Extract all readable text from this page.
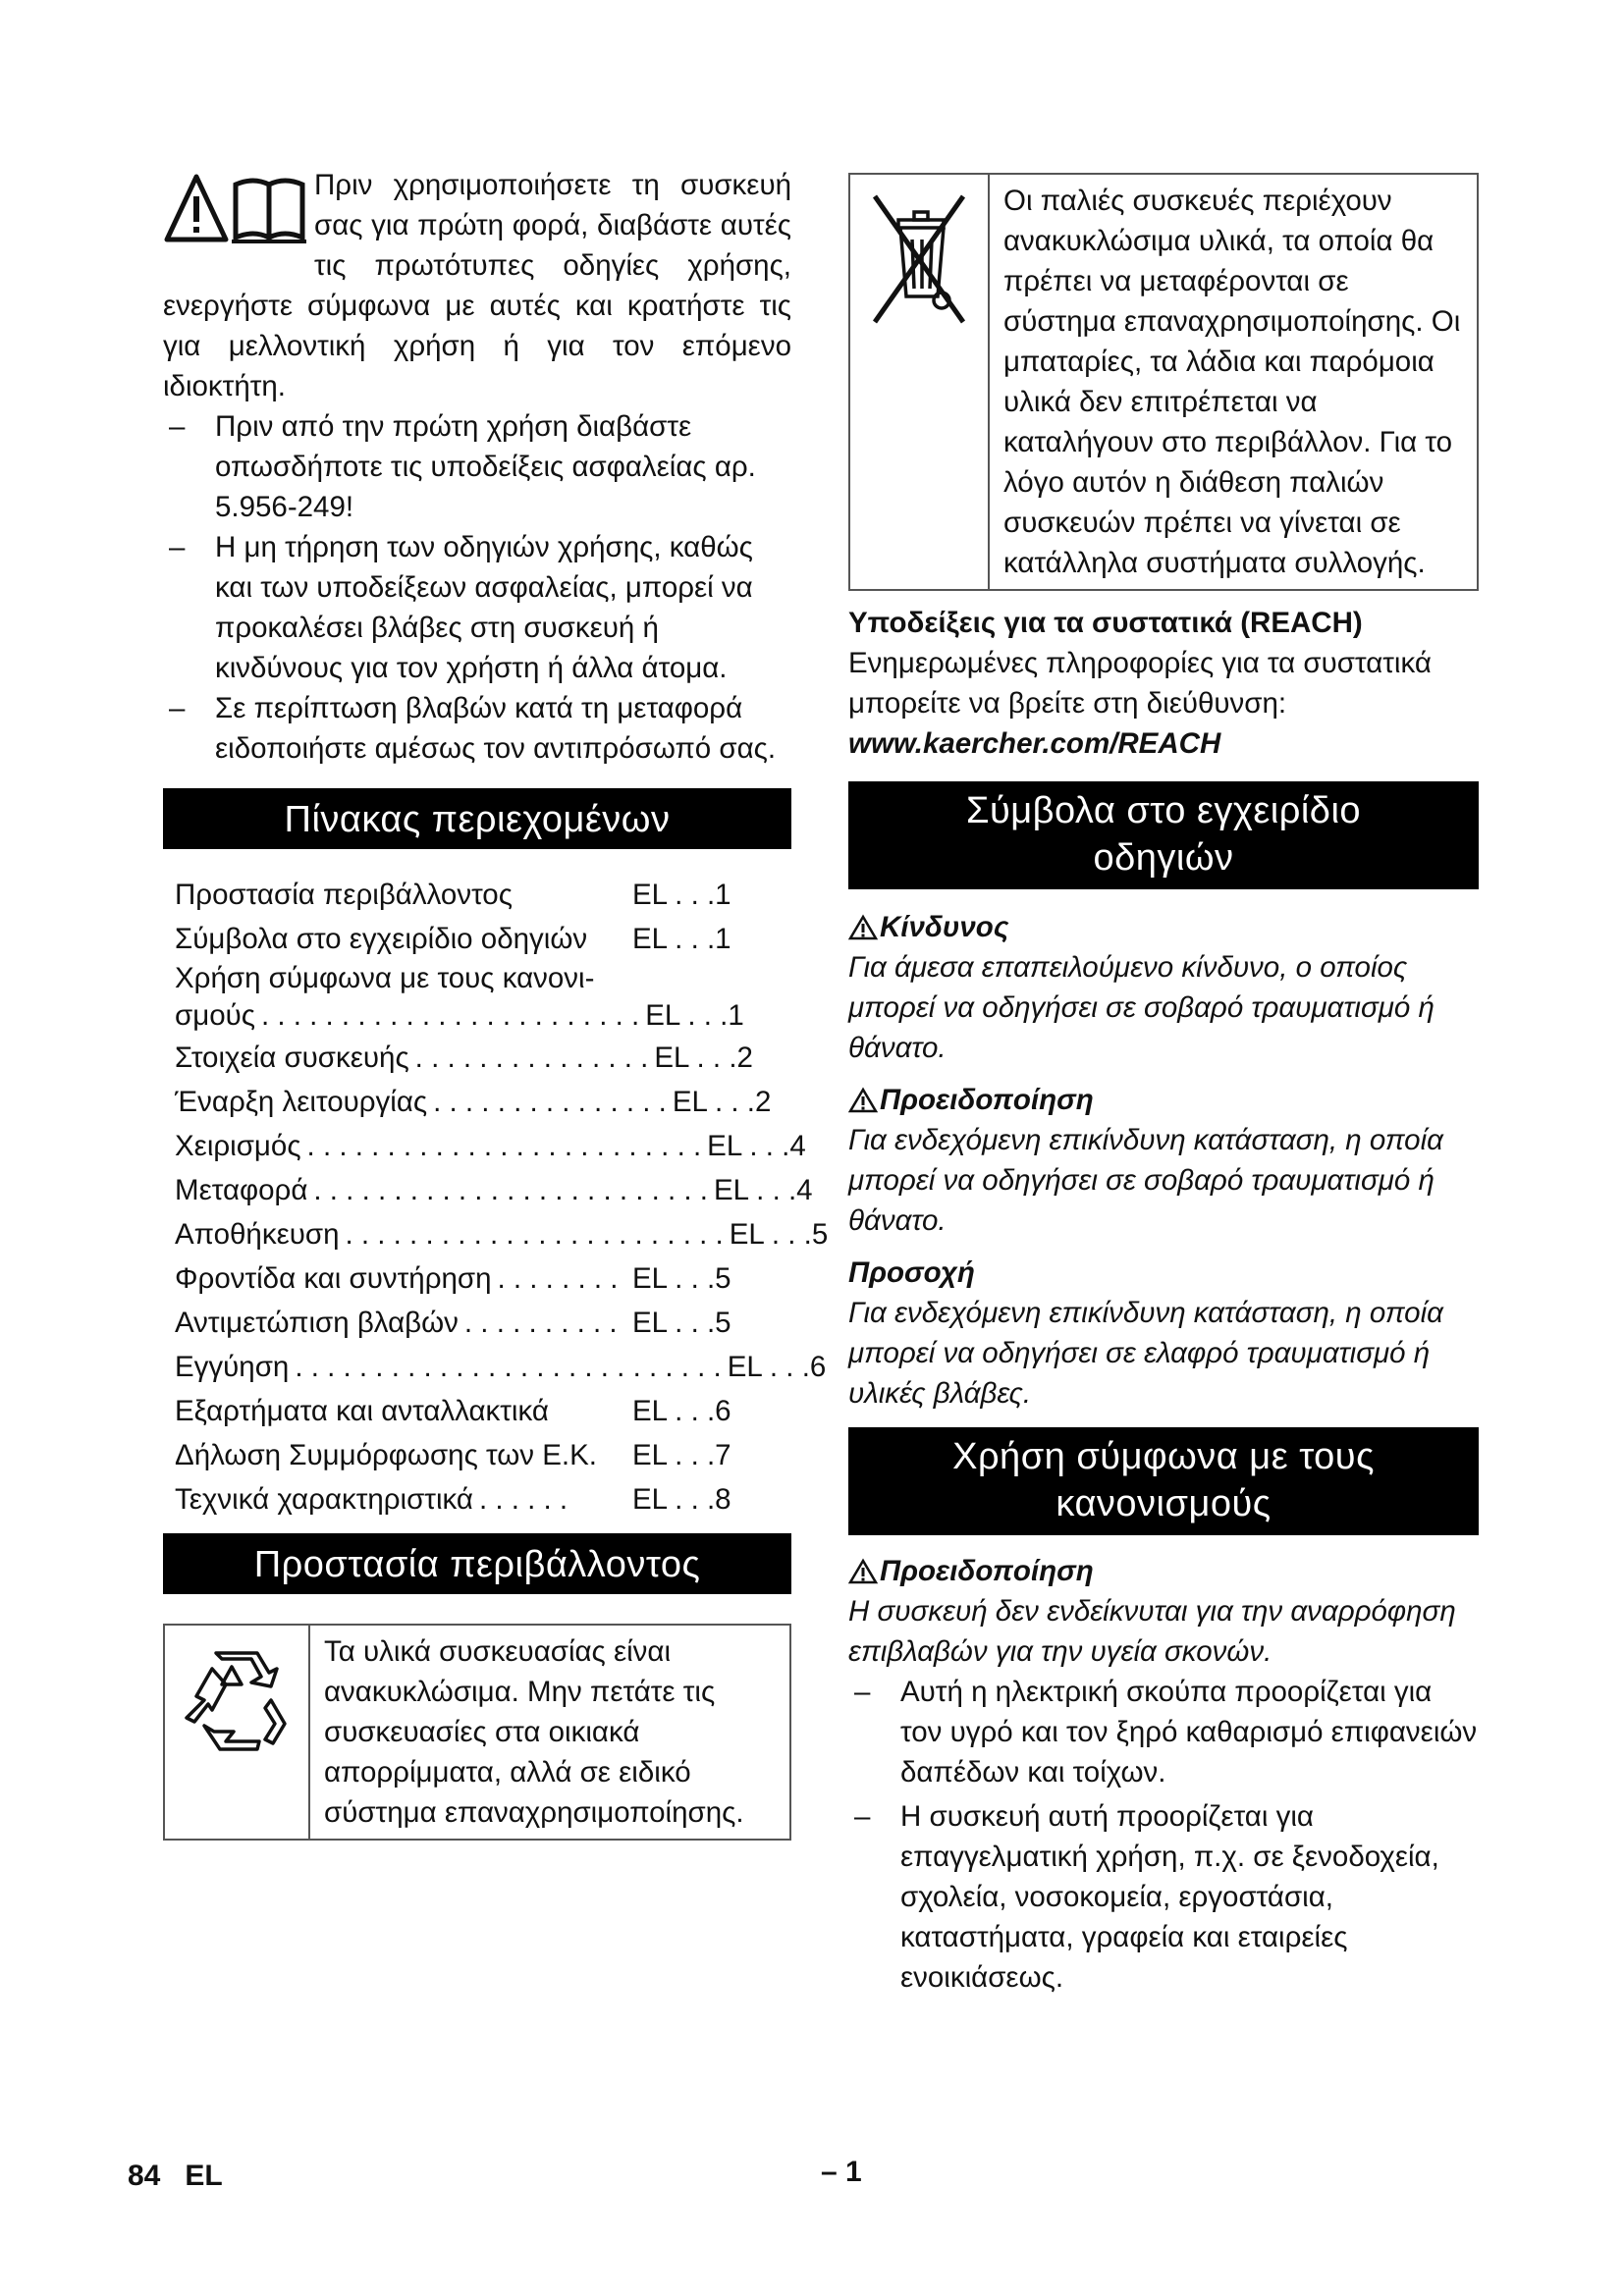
Πριν χρησιμοποιήσετε τη συσκευή σας για πρώτη φορά, διαβάστε αυτές τις πρωτότυπες οδηγίες χρήσης, ενεργήστε σύμφωνα με αυτές και κρατήστε τις για μελλοντική χρήση ή για τον επόμενο ιδιοκτήτη.

– Πριν από την πρώτη χρήση διαβάστε οπωσδήποτε τις υποδείξεις ασφαλείας αρ. 5.956-249!
– Η μη τήρηση των οδηγιών χρήσης, καθώς και των υποδείξεων ασφαλείας, μπορεί να προκαλέσει βλάβες στη συσκευή ή κινδύνους για τον χρήστη ή άλλα άτομα.
– Σε περίπτωση βλαβών κατά τη μεταφορά ειδοποιήστε αμέσως τον αντιπρόσωπό σας.
Πίνακας περιεχομένων
Προστασία περιβάλλοντος	EL . . .1
Σύμβολα στο εγχειρίδιο οδηγιών EL . . .1
Χρήση σύμφωνα με τους κανονι-
σμούς . . . . . . . . . . . . . . . . . . . . . . . . EL . . .1
Στοιχεία συσκευής . . . . . . . . . . . . . . . EL . . .2
Έναρξη λειτουργίας . . . . . . . . . . . . . . . EL . . .2
Χειρισμός . . . . . . . . . . . . . . . . . . . . . . . . . EL . . .4
Μεταφορά . . . . . . . . . . . . . . . . . . . . . . . . . EL . . .4
Αποθήκευση . . . . . . . . . . . . . . . . . . . . . . . . EL . . .5
Φροντίδα και συντήρηση . . . . . . . . EL . . .5
Αντιμετώπιση βλαβών . . . . . . . . . . EL . . .5
Εγγύηση . . . . . . . . . . . . . . . . . . . . . . . . . . . EL . . .6
Εξαρτήματα και ανταλλακτικά	EL . . .6
Δήλωση Συμμόρφωσης των Ε.Κ. EL . . .7
Τεχνικά χαρακτηριστικά . . . . . .	EL . . .8
Προστασία περιβάλλοντος

Τα υλικά συσκευασίας είναι ανακυκλώσιμα. Μην πετάτε τις συσκευασίες στα οικιακά απορρίμματα, αλλά σε ειδικό σύστημα επαναχρησιμοποίησης.

Οι παλιές συσκευές περιέχουν ανακυκλώσιμα υλικά, τα οποία θα πρέπει να μεταφέρονται σε σύστημα επαναχρησιμοποίησης. Οι μπαταρίες, τα λάδια και παρόμοια υλικά δεν επιτρέπεται να καταλήγουν στο περιβάλλον. Για το λόγο αυτόν η διάθεση παλιών συσκευών πρέπει να γίνεται σε κατάλληλα συστήματα συλλογής.

Υποδείξεις για τα συστατικά (REACH)

Ενημερωμένες πληροφορίες για τα συστατικά μπορείτε να βρείτε στη διεύθυνση:

www.kaercher.com/REACH

Σύμβολα στο εγχειρίδιο
οδηγιών

Κίνδυνος

Για άμεσα επαπειλούμενο κίνδυνο, ο οποίος μπορεί να οδηγήσει σε σοβαρό τραυματισμό ή θάνατο.

Προειδοποίηση

Για ενδεχόμενη επικίνδυνη κατάσταση, η οποία μπορεί να οδηγήσει σε σοβαρό τραυματισμό ή θάνατο.

Προσοχή

Για ενδεχόμενη επικίνδυνη κατάσταση, η οποία μπορεί να οδηγήσει σε ελαφρό τραυματισμό ή υλικές βλάβες.

Χρήση σύμφωνα με τους
κανονισμούς

Προειδοποίηση

Η συσκευή δεν ενδείκνυται για την αναρρόφηση επιβλαβών για την υγεία σκονών.

– Αυτή η ηλεκτρική σκούπα προορίζεται για τον υγρό και τον ξηρό καθαρισμό επιφανειών δαπέδων και τοίχων.
– Η συσκευή αυτή προορίζεται για επαγγελματική χρήση, π.χ. σε ξενοδοχεία, σχολεία, νοσοκομεία, εργοστάσια, καταστήματα, γραφεία και εταιρείες ενοικιάσεως.
84 EL	– 1
